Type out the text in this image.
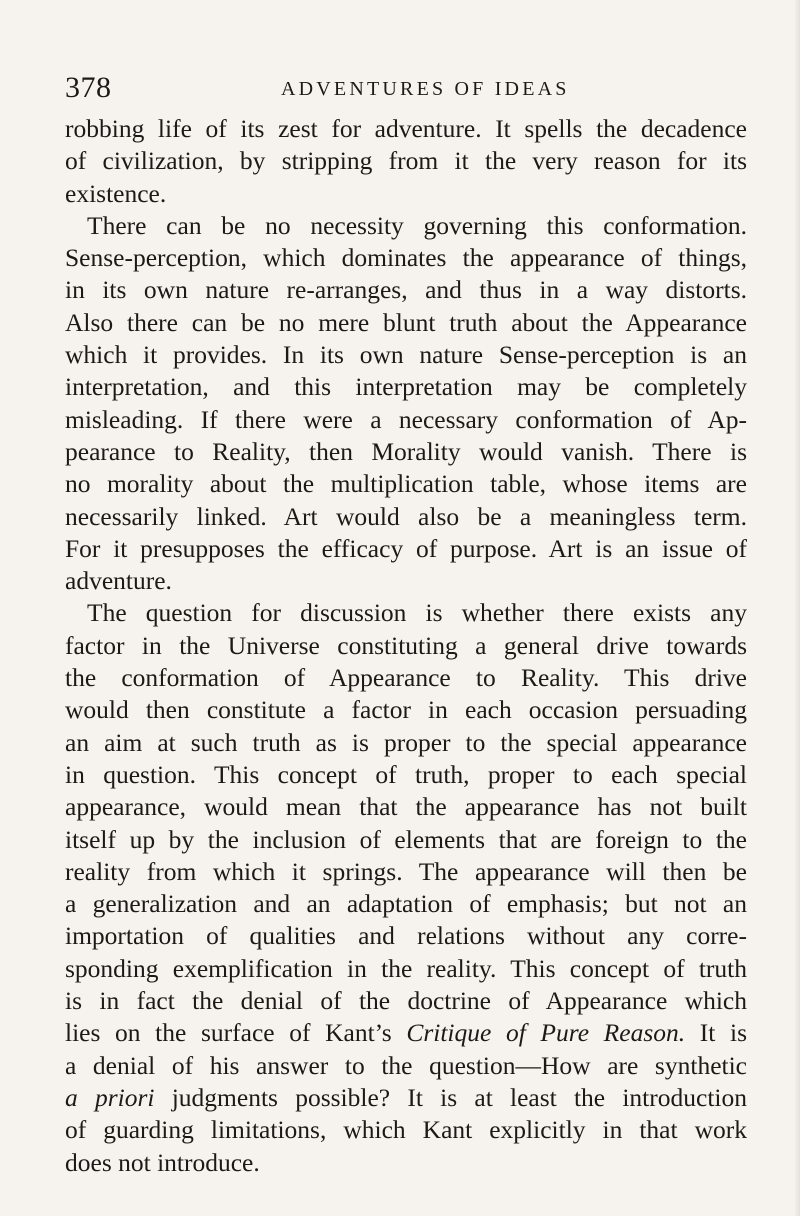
378	ADVENTURES OF IDEAS
robbing life of its zest for adventure. It spells the decadence
of civilization, by stripping from it the very reason for its
existence.
There can be no necessity governing this conformation.
Sense-perception, which dominates the appearance of things,
in its own nature re-arranges, and thus in a way distorts.
Also there can be no mere blunt truth about the Appearance
which it provides. In its own nature Sense-perception is an
interpretation, and this interpretation may be completely
misleading. If there were a necessary conformation of Ap-
pearance to Reality, then Morality would vanish. There is
no morality about the multiplication table, whose items are
necessarily linked. Art would also be a meaningless term.
For it presupposes the efficacy of purpose. Art is an issue of
adventure.
The question for discussion is whether there exists any
factor in the Universe constituting a general drive towards
the conformation of Appearance to Reality. This drive
would then constitute a factor in each occasion persuading
an aim at such truth as is proper to the special appearance
in question. This concept of truth, proper to each special
appearance, would mean that the appearance has not built
itself up by the inclusion of elements that are foreign to the
reality from which it springs. The appearance will then be
a generalization and an adaptation of emphasis; but not an
importation of qualities and relations without any corre-
sponding exemplification in the reality. This concept of truth
is in fact the denial of the doctrine of Appearance which
lies on the surface of Kant’s Critique of Pure Reason. It is
a denial of his answer to the question—How are synthetic
a priori judgments possible? It is at least the introduction
of guarding limitations, which Kant explicitly in that work
does not introduce.
